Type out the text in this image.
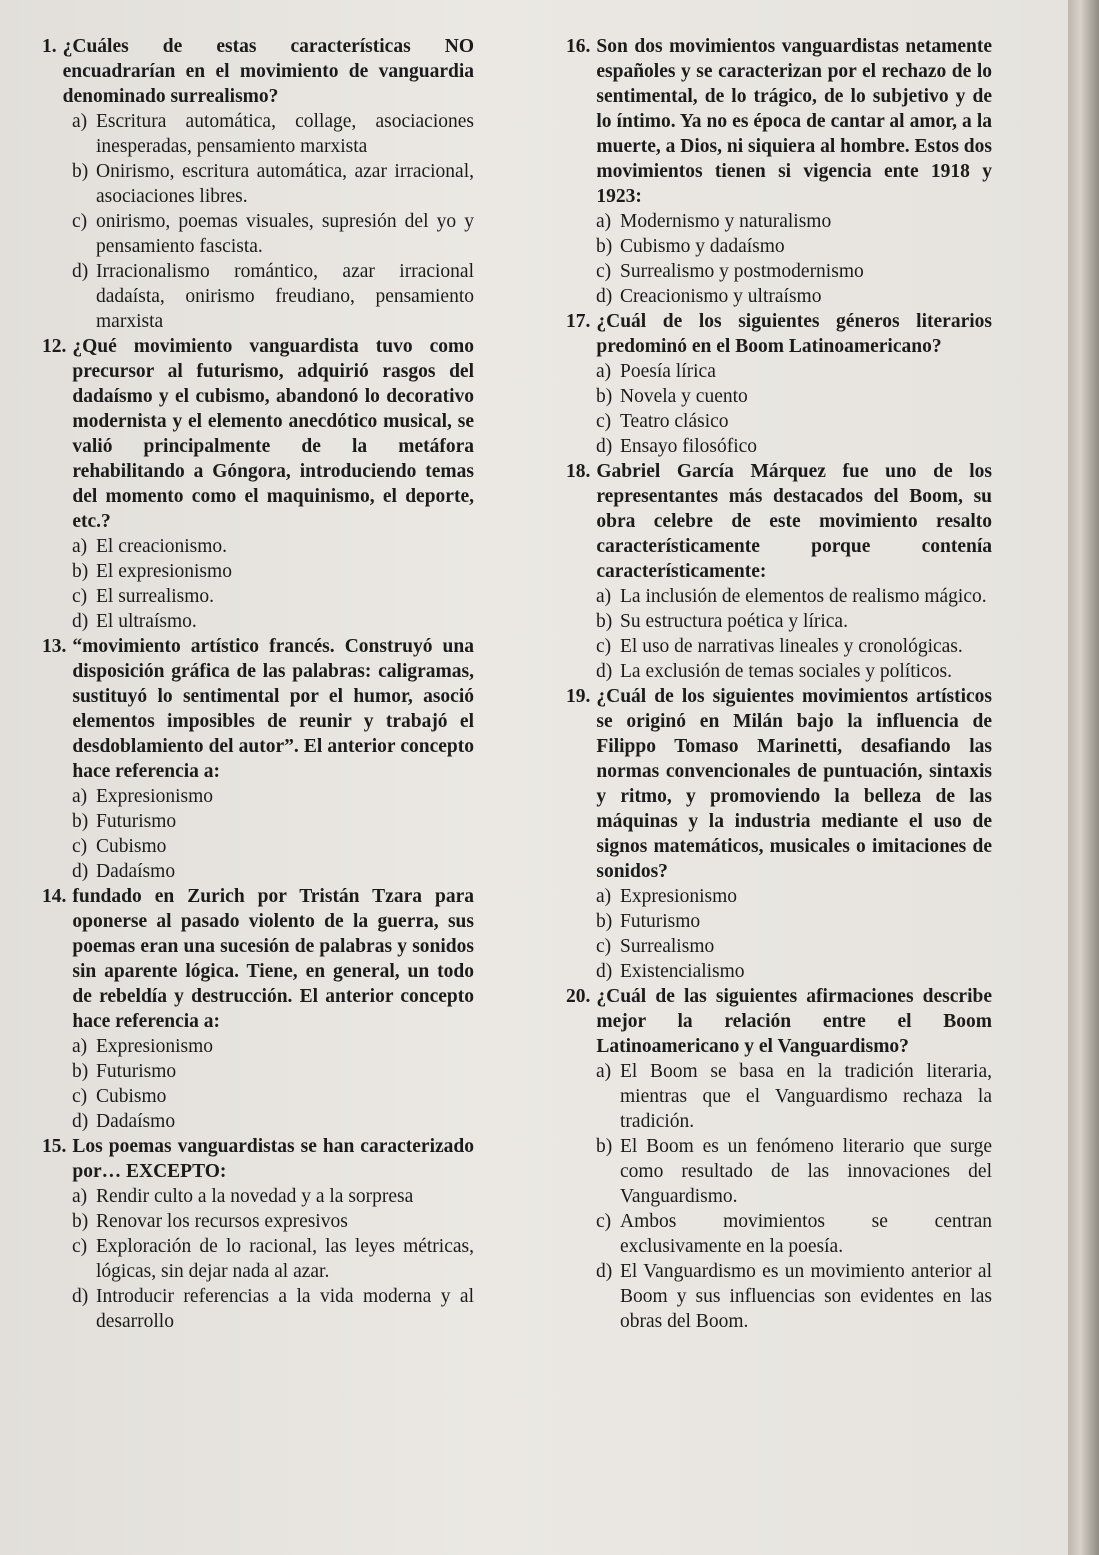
1. ¿Cuáles de estas características NO encuadrarían en el movimiento de vanguardia denominado surrealismo?
a) Escritura automática, collage, asociaciones inesperadas, pensamiento marxista
b) Onirismo, escritura automática, azar irracional, asociaciones libres.
c) onirismo, poemas visuales, supresión del yo y pensamiento fascista.
d) Irracionalismo romántico, azar irracional dadaísta, onirismo freudiano, pensamiento marxista
12. ¿Qué movimiento vanguardista tuvo como precursor al futurismo, adquirió rasgos del dadaísmo y el cubismo, abandonó lo decorativo modernista y el elemento anecdótico musical, se valió principalmente de la metáfora rehabilitando a Góngora, introduciendo temas del momento como el maquinismo, el deporte, etc.?
a) El creacionismo.
b) El expresionismo
c) El surrealismo.
d) El ultraísmo.
13. “movimiento artístico francés. Construyó una disposición gráfica de las palabras: caligramas, sustituyó lo sentimental por el humor, asoció elementos imposibles de reunir y trabajó el desdoblamiento del autor”. El anterior concepto hace referencia a:
a) Expresionismo
b) Futurismo
c) Cubismo
d) Dadaísmo
14. fundado en Zurich por Tristán Tzara para oponerse al pasado violento de la guerra, sus poemas eran una sucesión de palabras y sonidos sin aparente lógica. Tiene, en general, un todo de rebeldía y destrucción. El anterior concepto hace referencia a:
a) Expresionismo
b) Futurismo
c) Cubismo
d) Dadaísmo
15. Los poemas vanguardistas se han caracterizado por… EXCEPTO:
a) Rendir culto a la novedad y a la sorpresa
b) Renovar los recursos expresivos
c) Exploración de lo racional, las leyes métricas, lógicas, sin dejar nada al azar.
d) Introducir referencias a la vida moderna y al desarrollo
16. Son dos movimientos vanguardistas netamente españoles y se caracterizan por el rechazo de lo sentimental, de lo trágico, de lo subjetivo y de lo íntimo. Ya no es época de cantar al amor, a la muerte, a Dios, ni siquiera al hombre. Estos dos movimientos tienen si vigencia ente 1918 y 1923:
a) Modernismo y naturalismo
b) Cubismo y dadaísmo
c) Surrealismo y postmodernismo
d) Creacionismo y ultraísmo
17. ¿Cuál de los siguientes géneros literarios predominó en el Boom Latinoamericano?
a) Poesía lírica
b) Novela y cuento
c) Teatro clásico
d) Ensayo filosófico
18. Gabriel García Márquez fue uno de los representantes más destacados del Boom, su obra celebre de este movimiento resalto característicamente porque contenía característicamente:
a) La inclusión de elementos de realismo mágico.
b) Su estructura poética y lírica.
c) El uso de narrativas lineales y cronológicas.
d) La exclusión de temas sociales y políticos.
19. ¿Cuál de los siguientes movimientos artísticos se originó en Milán bajo la influencia de Filippo Tomaso Marinetti, desafiando las normas convencionales de puntuación, sintaxis y ritmo, y promoviendo la belleza de las máquinas y la industria mediante el uso de signos matemáticos, musicales o imitaciones de sonidos?
a) Expresionismo
b) Futurismo
c) Surrealismo
d) Existencialismo
20. ¿Cuál de las siguientes afirmaciones describe mejor la relación entre el Boom Latinoamericano y el Vanguardismo?
a) El Boom se basa en la tradición literaria, mientras que el Vanguardismo rechaza la tradición.
b) El Boom es un fenómeno literario que surge como resultado de las innovaciones del Vanguardismo.
c) Ambos movimientos se centran exclusivamente en la poesía.
d) El Vanguardismo es un movimiento anterior al Boom y sus influencias son evidentes en las obras del Boom.
